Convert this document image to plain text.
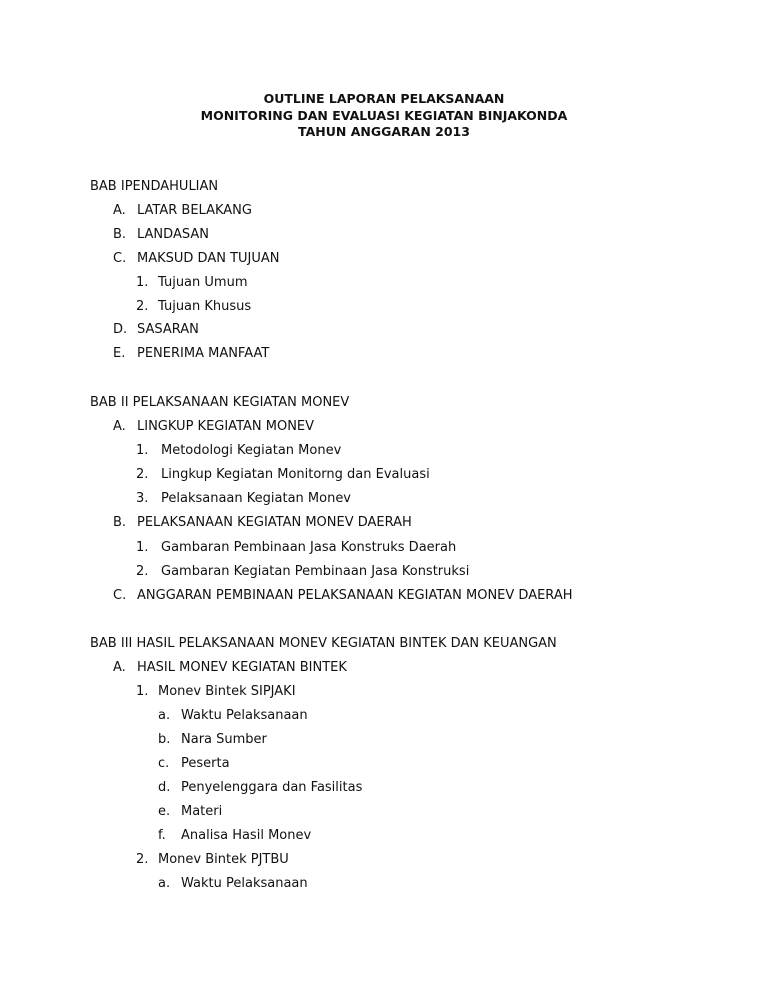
OUTLINE LAPORAN PELAKSANAAN
MONITORING DAN EVALUASI KEGIATAN BINJAKONDA
TAHUN ANGGARAN 2013
BAB IPENDAHULIAN
A. LATAR BELAKANG
B. LANDASAN
C. MAKSUD DAN TUJUAN
1. Tujuan Umum
2. Tujuan Khusus
D. SASARAN
E. PENERIMA MANFAAT
BAB II PELAKSANAAN KEGIATAN MONEV
A. LINGKUP KEGIATAN MONEV
1. Metodologi Kegiatan Monev
2. Lingkup Kegiatan Monitorng dan Evaluasi
3. Pelaksanaan Kegiatan Monev
B. PELAKSANAAN KEGIATAN MONEV DAERAH
1. Gambaran Pembinaan Jasa Konstruks Daerah
2. Gambaran Kegiatan Pembinaan Jasa Konstruksi
C. ANGGARAN PEMBINAAN PELAKSANAAN KEGIATAN MONEV DAERAH
BAB III HASIL PELAKSANAAN MONEV KEGIATAN BINTEK DAN KEUANGAN
A. HASIL MONEV KEGIATAN BINTEK
1. Monev Bintek SIPJAKI
a. Waktu Pelaksanaan
b. Nara Sumber
c. Peserta
d. Penyelenggara dan Fasilitas
e. Materi
f. Analisa Hasil Monev
2. Monev Bintek PJTBU
a. Waktu Pelaksanaan
